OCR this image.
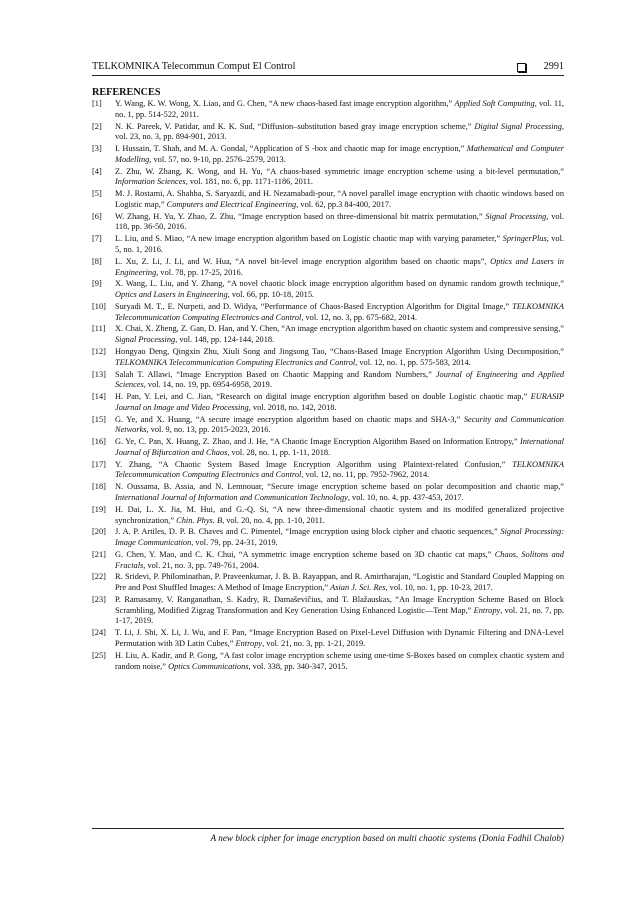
TELKOMNIKA Telecommun Comput El Control	2991
REFERENCES
[1] Y. Wang, K. W. Wong, X. Liao, and G. Chen, “A new chaos-based fast image encryption algorithm,” Applied Soft Computing, vol. 11, no. 1, pp. 514-522, 2011.
[2] N. K. Pareek, V. Patidar, and K. K. Sud, “Diffusion–substitution based gray image encryption scheme,” Digital Signal Processing, vol. 23, no. 3, pp. 894-901, 2013.
[3] I. Hussain, T. Shah, and M. A. Gondal, “Application of S -box and chaotic map for image encryption,” Mathematical and Computer Modelling, vol. 57, no. 9-10, pp. 2576–2579, 2013.
[4] Z. Zhu, W. Zhang, K. Wong, and H. Yu, “A chaos-based symmetric image encryption scheme using a bit-level permutation,” Information Sciences, vol. 181, no. 6, pp. 1171-1186, 2011.
[5] M. J. Rostami, A. Shahba, S. Saryazdi, and H. Nezamabadi-pour, “A novel parallel image encryption with chaotic windows based on Logistic map,” Computers and Electrical Engineering, vol. 62, pp.3 84-400, 2017.
[6] W. Zhang, H. Yu, Y. Zhao, Z. Zhu, “Image encryption based on three-dimensional bit matrix permutation,” Signal Processing, vol. 118, pp. 36-50, 2016.
[7] L. Liu, and S. Miao, “A new image encryption algorithm based on Logistic chaotic map with varying parameter,” SpringerPlus, vol. 5, no. 1, 2016.
[8] L. Xu, Z. Li, J. Li, and W. Hua, “A novel bit-level image encryption algorithm based on chaotic maps”, Optics and Lasers in Engineering, vol. 78, pp. 17-25, 2016.
[9] X. Wang, L. Liu, and Y. Zhang, “A novel chaotic block image encryption algorithm based on dynamic random growth technique,” Optics and Lasers in Engineering, vol. 66, pp. 10-18, 2015.
[10] Suryadi M. T., E. Nurpeti, and D. Widya, “Performance of Chaos-Based Encryption Algorithm for Digital Image,” TELKOMNIKA Telecommunication Computing Electronics and Control, vol. 12, no. 3, pp. 675-682, 2014.
[11] X. Chai, X. Zheng, Z. Gan, D. Han, and Y. Chen, “An image encryption algorithm based on chaotic system and compressive sensing,” Signal Processing, vol. 148, pp. 124-144, 2018.
[12] Hongyao Deng, Qingxin Zhu, Xiuli Song and Jingsong Tao, “Chaos-Based Image Encryption Algorithm Using Decomposition,” TELKOMNIKA Telecommunication Computing Electronics and Control, vol. 12, no. 1, pp. 575-583, 2014.
[13] Salah T. Allawi, “Image Encryption Based on Chaotic Mapping and Random Numbers,” Journal of Engineering and Applied Sciences, vol. 14, no. 19, pp. 6954-6958, 2019.
[14] H. Pan, Y. Lei, and C. Jian, “Research on digital image encryption algorithm based on double Logistic chaotic map,” EURASIP Journal on Image and Video Processing, vol. 2018, no. 142, 2018.
[15] G. Ye, and X. Huang, “A secure image encryption algorithm based on chaotic maps and SHA-3,” Security and Communication Networks, vol. 9, no. 13, pp. 2015-2023, 2016.
[16] G. Ye, C. Pan, X. Huang, Z. Zhao, and J. He, “A Chaotic Image Encryption Algorithm Based on Information Entropy,” International Journal of Bifurcation and Chaos, vol. 28, no. 1, pp. 1-11, 2018.
[17] Y. Zhang, “A Chaotic System Based Image Encryption Algorithm using Plaintext-related Confusion,” TELKOMNIKA Telecommunication Computing Electronics and Control, vol. 12, no. 11, pp. 7952-7962, 2014.
[18] N. Oussama, B. Assia, and N. Lemnouar, “Secure image encryption scheme based on polar decomposition and chaotic map,” International Journal of Information and Communication Technology, vol. 10, no. 4, pp. 437-453, 2017.
[19] H. Dai, L. X. Jia, M. Hui, and G.-Q. Si, “A new three-dimensional chaotic system and its modifed generalized projective synchronization,” Chin. Phys. B, vol. 20, no. 4, pp. 1-10, 2011.
[20] J. A. P. Artiles, D. P. B. Chaves and C. Pimentel, “Image encryption using block cipher and chaotic sequences,” Signal Processing: Image Communication, vol. 79, pp. 24-31, 2019.
[21] G. Chen, Y. Mao, and C. K. Chui, “A symmetric image encryption scheme based on 3D chaotic cat maps,” Chaos, Solitons and Fractals, vol. 21, no. 3, pp. 749-761, 2004.
[22] R. Sridevi, P. Philominathan, P. Praveenkumar, J. B. B. Rayappan, and R. Amirtharajan, “Logistic and Standard Coupled Mapping on Pre and Post Shuffled Images: A Method of Image Encryption,” Asian J. Sci. Res, vol. 10, no. 1, pp. 10-23, 2017.
[23] P. Ramasamy, V. Ranganathan, S. Kadry, R. Damaševičius, and T. Blažauskas, “An Image Encryption Scheme Based on Block Scrambling, Modified Zigzag Transformation and Key Generation Using Enhanced Logistic—Tent Map,” Entropy, vol. 21, no. 7, pp. 1-17, 2019.
[24] T. Li, J. Shi, X. Li, J. Wu, and F. Pan, “Image Encryption Based on Pixel-Level Diffusion with Dynamic Filtering and DNA-Level Permutation with 3D Latin Cubes,” Entropy, vol. 21, no. 3, pp. 1-21, 2019.
[25] H. Liu, A. Kadir, and P. Gong, “A fast color image encryption scheme using one-time S-Boxes based on complex chaotic system and random noise,” Optics Communications, vol. 338, pp. 340-347, 2015.
A new block cipher for image encryption based on multi chaotic systems (Donia Fadhil Chalob)
